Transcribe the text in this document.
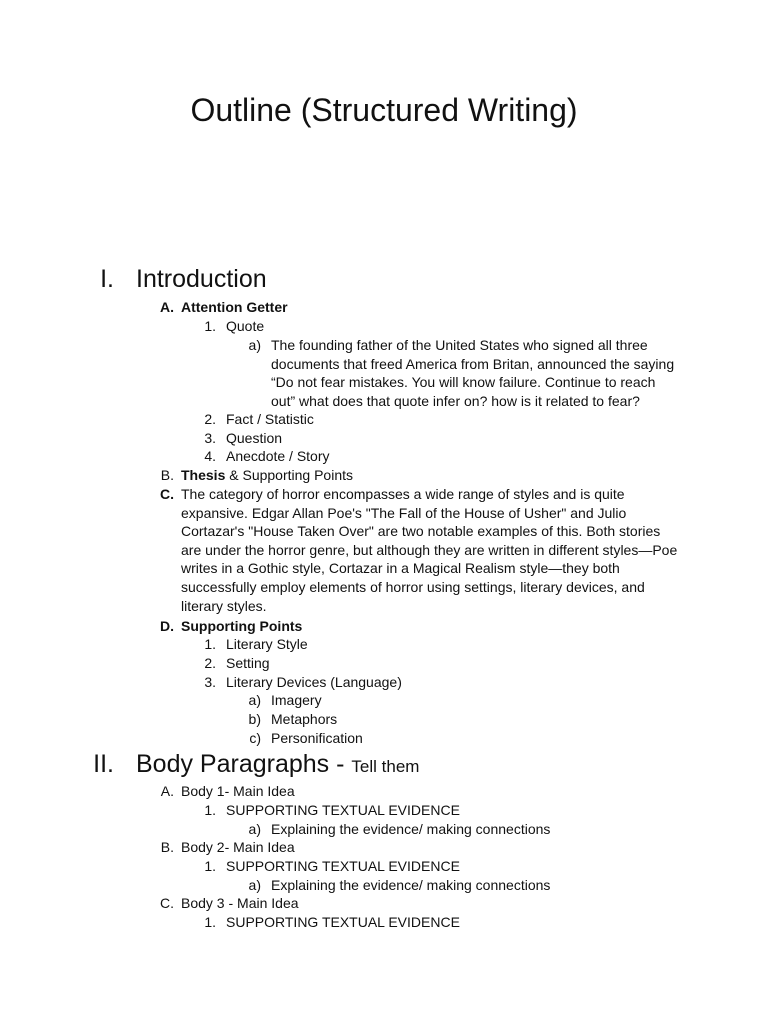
Outline (Structured Writing)
I. Introduction
A. Attention Getter
1. Quote
a) The founding father of the United States who signed all three
documents that freed America from Britan, announced the saying
“Do not fear mistakes. You will know failure. Continue to reach
out” what does that quote infer on? how is it related to fear?
2. Fact / Statistic
3. Question
4. Anecdote / Story
B. Thesis & Supporting Points
C. The category of horror encompasses a wide range of styles and is quite
expansive. Edgar Allan Poe's "The Fall of the House of Usher" and Julio
Cortazar's "House Taken Over" are two notable examples of this. Both stories
are under the horror genre, but although they are written in different styles—Poe
writes in a Gothic style, Cortazar in a Magical Realism style—they both
successfully employ elements of horror using settings, literary devices, and
literary styles.
D. Supporting Points
1. Literary Style
2. Setting
3. Literary Devices (Language)
a) Imagery
b) Metaphors
c) Personification
II. Body Paragraphs - Tell them
A. Body 1- Main Idea
1. SUPPORTING TEXTUAL EVIDENCE
a) Explaining the evidence/ making connections
B. Body 2- Main Idea
1. SUPPORTING TEXTUAL EVIDENCE
a) Explaining the evidence/ making connections
C. Body 3 - Main Idea
1. SUPPORTING TEXTUAL EVIDENCE
